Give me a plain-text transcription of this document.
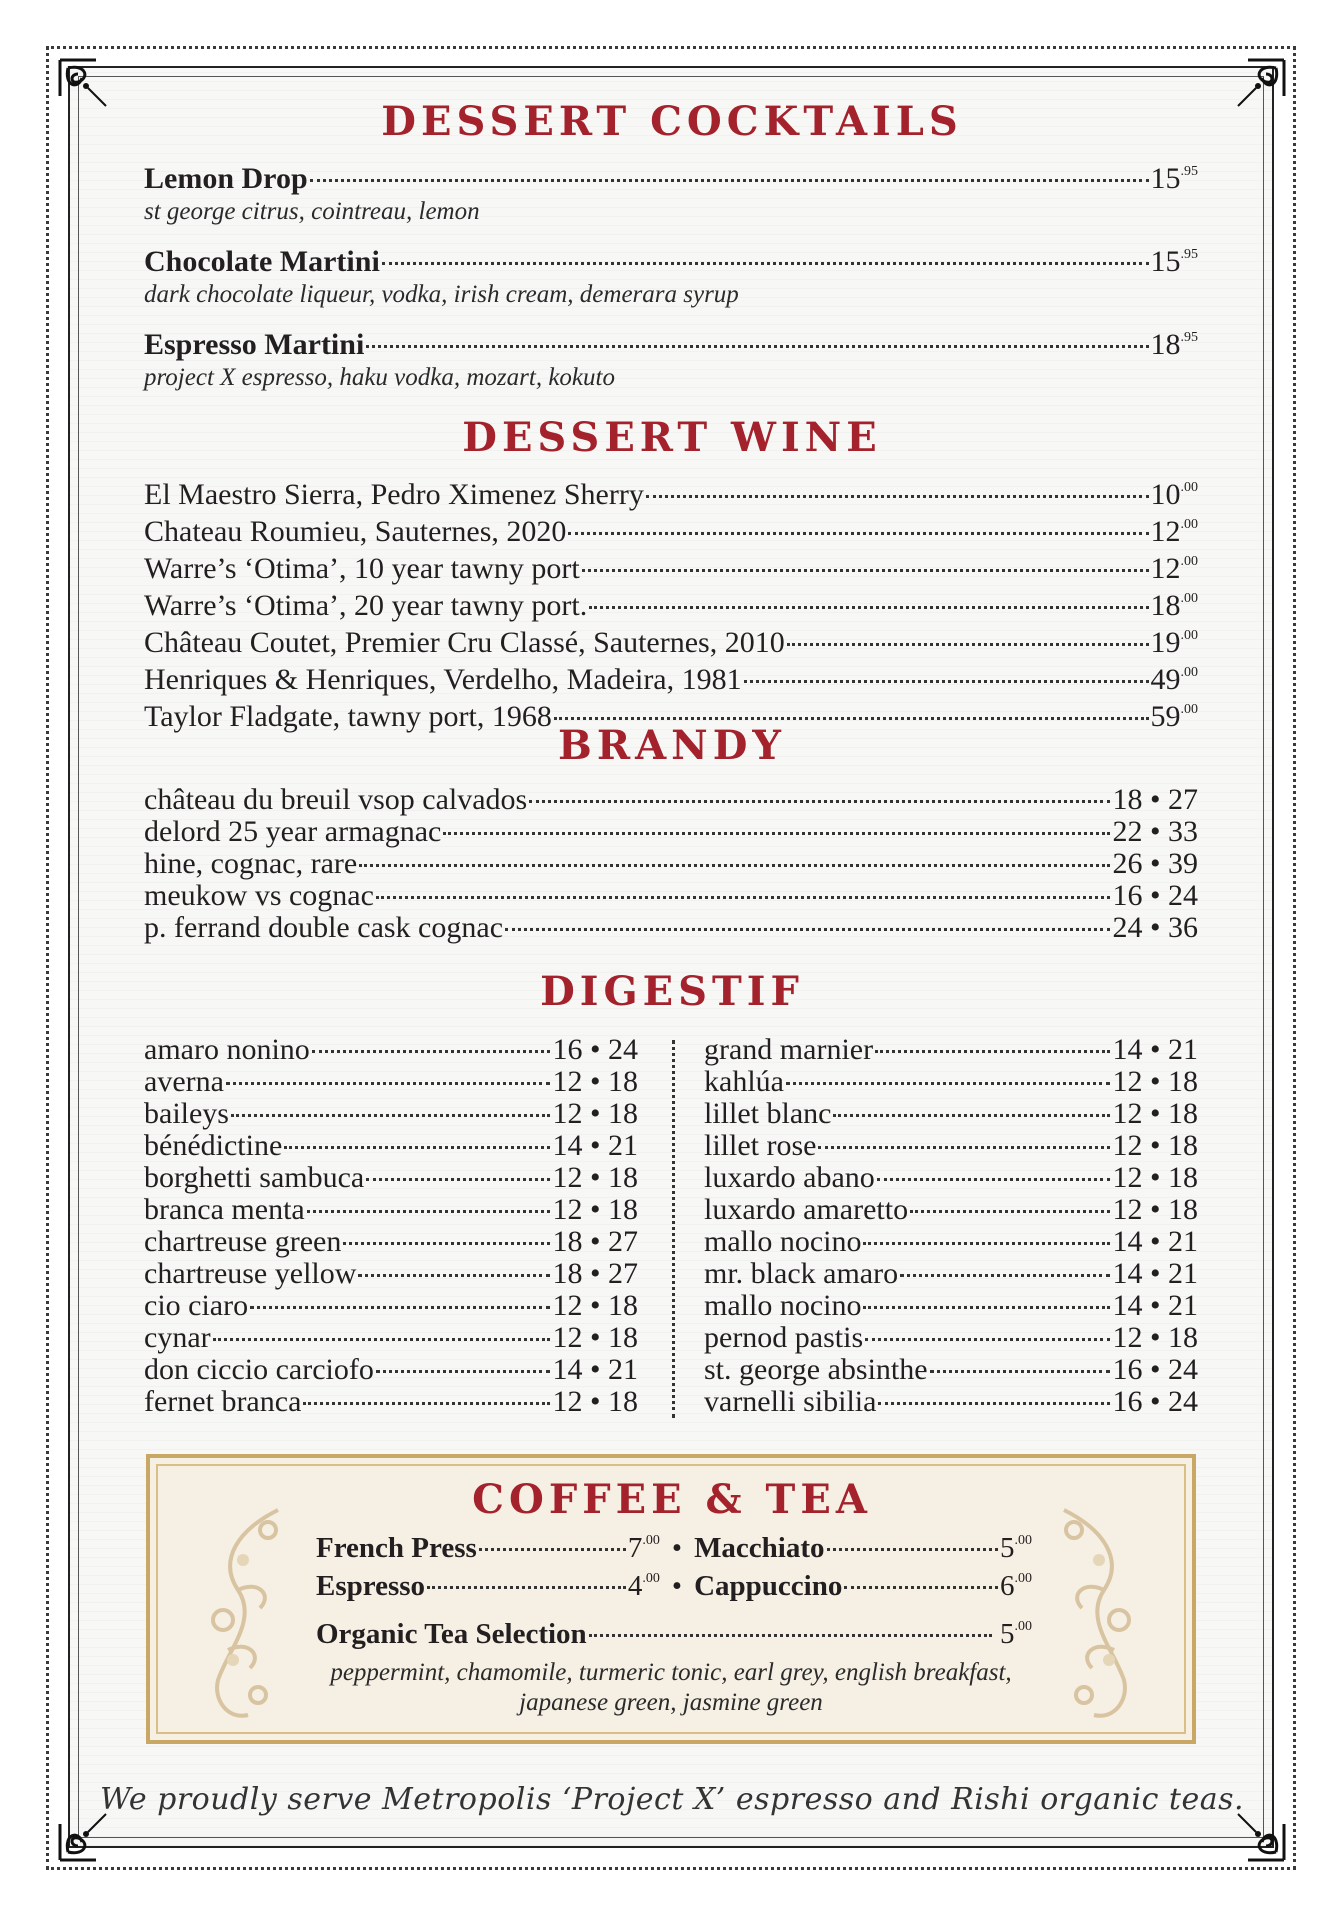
DESSERT COCKTAILS
Lemon Drop	$15^{.95}$
st george citrus, cointreau, lemon
Chocolate Martini	$15^{.95}$
dark chocolate liqueur, vodka, irish cream, demerara syrup
Espresso Martini	$18^{.95}$
project X espresso, haku vodka, mozart, kokuto
DESSERT WINE
El Maestro Sierra, Pedro Ximenez Sherry	$10^{.00}$
Chateau Roumieu, Sauternes, 2020	$12^{.00}$
Warre’s ‘Otima’, 10 year tawny port	$12^{.00}$
Warre’s ‘Otima’, 20 year tawny port.	$18^{.00}$
Château Coutet, Premier Cru Classé, Sauternes, 2010	$19^{.00}$
Henriques & Henriques, Verdelho, Madeira, 1981	$49^{.00}$
Taylor Fladgate, tawny port, 1968	$59^{.00}$
BRANDY
château du breuil vsop calvados	18 • 27
delord 25 year armagnac	22 • 33
hine, cognac, rare	26 • 39
meukow vs cognac	16 • 24
p. ferrand double cask cognac	24 • 36
DIGESTIF
amaro nonino	16 • 24
averna	12 • 18
baileys	12 • 18
bénédictine	14 • 21
borghetti sambuca	12 • 18
branca menta	12 • 18
chartreuse green	18 • 27
chartreuse yellow	18 • 27
cio ciaro	12 • 18
cynar	12 • 18
don ciccio carciofo	14 • 21
fernet branca	12 • 18
grand marnier	14 • 21
kahlúa	12 • 18
lillet blanc	12 • 18
lillet rose	12 • 18
luxardo abano	12 • 18
luxardo amaretto	12 • 18
mallo nocino	14 • 21
mr. black amaro	14 • 21
mallo nocino	14 • 21
pernod pastis	12 • 18
st. george absinthe	16 • 24
varnelli sibilia	16 • 24
COFFEE & TEA
French Press	$7^{.00}$ • Macchiato	$5^{.00}$
Espresso	$4^{.00}$ • Cappuccino	$6^{.00}$
Organic Tea Selection	$5^{.00}$
peppermint, chamomile, turmeric tonic, earl grey, english breakfast,
japanese green, jasmine green
We proudly serve Metropolis ‘Project X’ espresso and Rishi organic teas.
